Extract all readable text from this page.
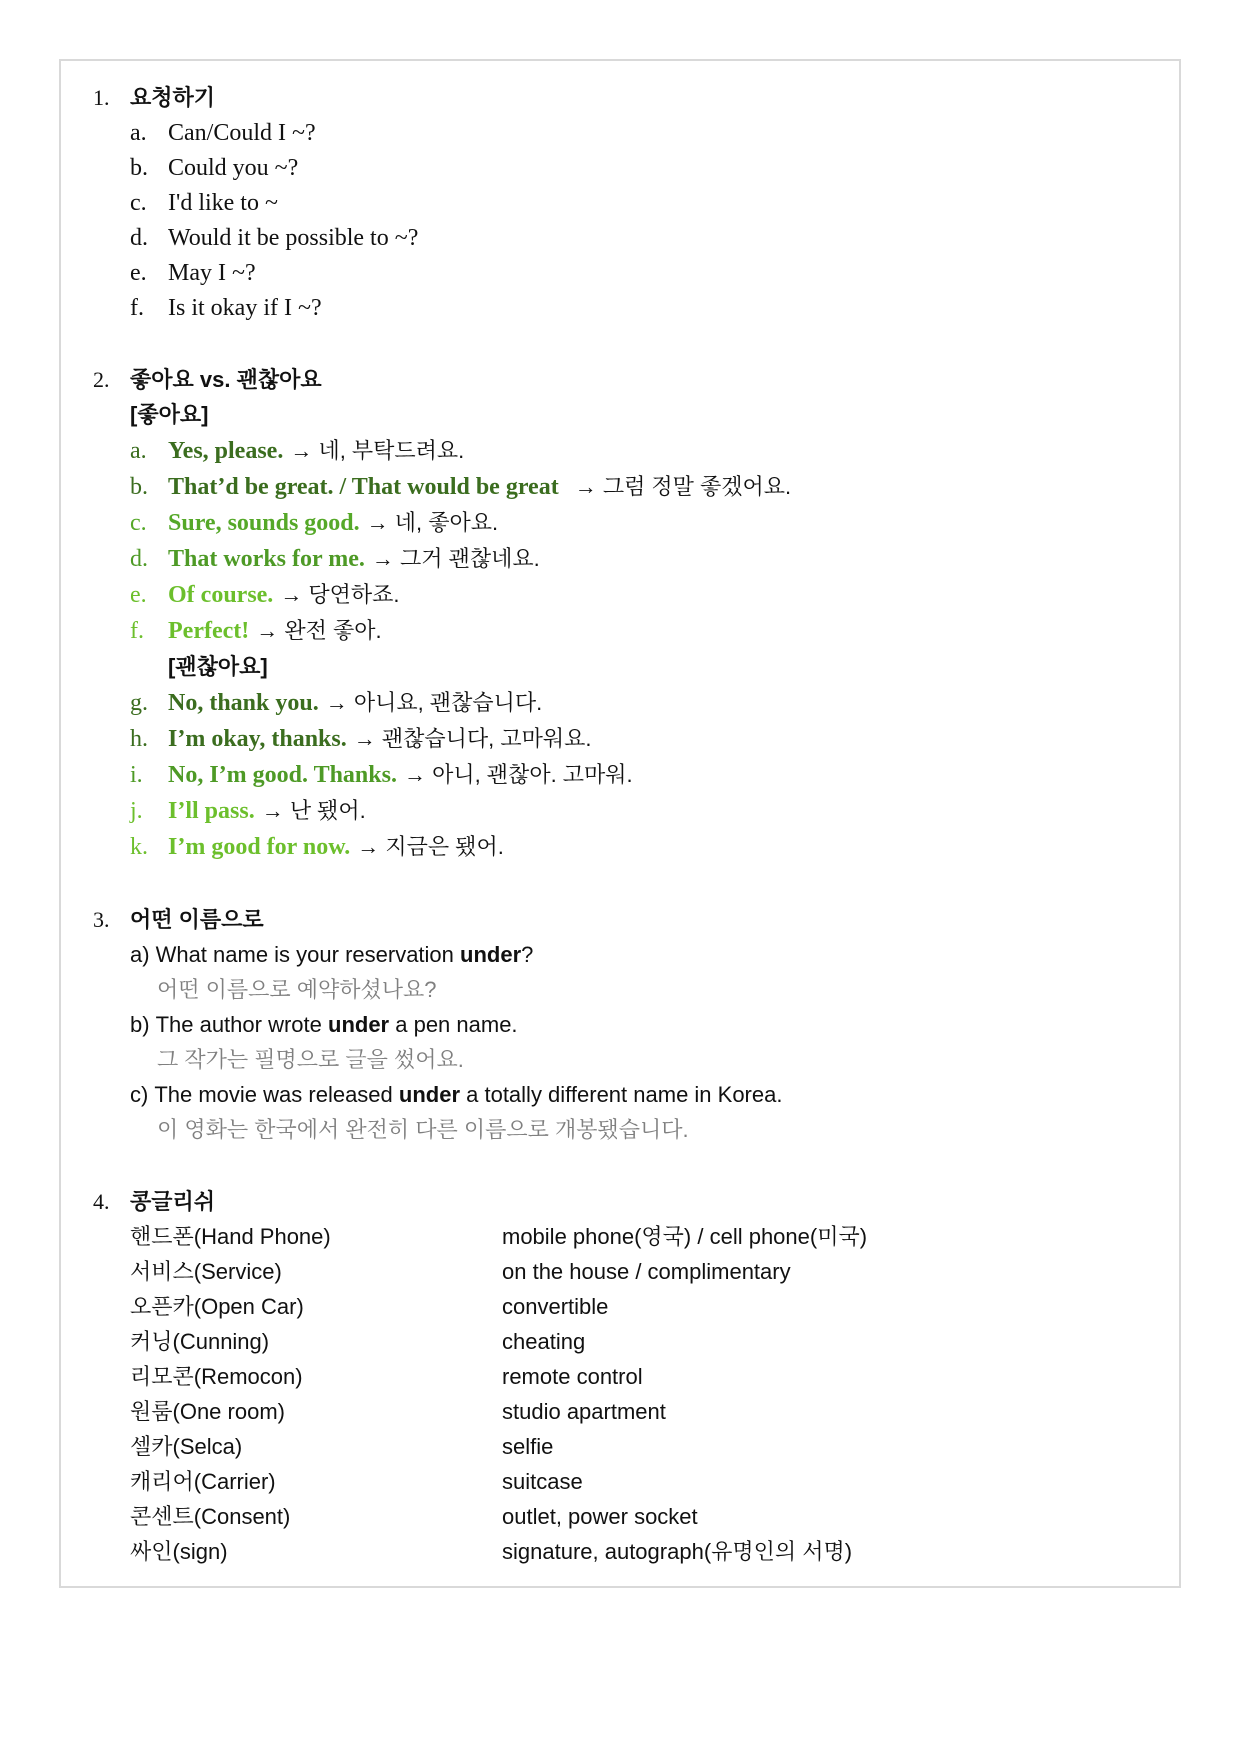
1. 요청하기
a. Can/Could I ~?
b. Could you ~?
c. I'd like to ~
d. Would it be possible to ~?
e. May I ~?
f. Is it okay if I ~?
2. 좋아요 vs. 괜찮아요
[좋아요]
a. Yes, please. → 네, 부탁드려요.
b. That’d be great. / That would be great → 그럼 정말 좋겠어요.
c. Sure, sounds good. → 네, 좋아요.
d. That works for me. → 그거 괜찮네요.
e. Of course. → 당연하죠.
f. Perfect! → 완전 좋아.
[괜찮아요]
g. No, thank you. → 아니요, 괜찮습니다.
h. I’m okay, thanks. → 괜찮습니다, 고마워요.
i. No, I’m good. Thanks. → 아니, 괜찮아. 고마워.
j. I’ll pass. → 난 됐어.
k. I’m good for now. → 지금은 됐어.
3. 어떤 이름으로
a) What name is your reservation under?
어떤 이름으로 예약하셨나요?
b) The author wrote under a pen name.
그 작가는 필명으로 글을 썼어요.
c) The movie was released under a totally different name in Korea.
이 영화는 한국에서 완전히 다른 이름으로 개봉됐습니다.
4. 콩글리쉬
핸드폰(Hand Phone)	mobile phone(영국) / cell phone(미국)
서비스(Service)	on the house / complimentary
오픈카(Open Car)	convertible
커닝(Cunning)	cheating
리모콘(Remocon)	remote control
원룸(One room)	studio apartment
셀카(Selca)	selfie
캐리어(Carrier)	suitcase
콘센트(Consent)	outlet, power socket
싸인(sign)	signature, autograph(유명인의 서명)
